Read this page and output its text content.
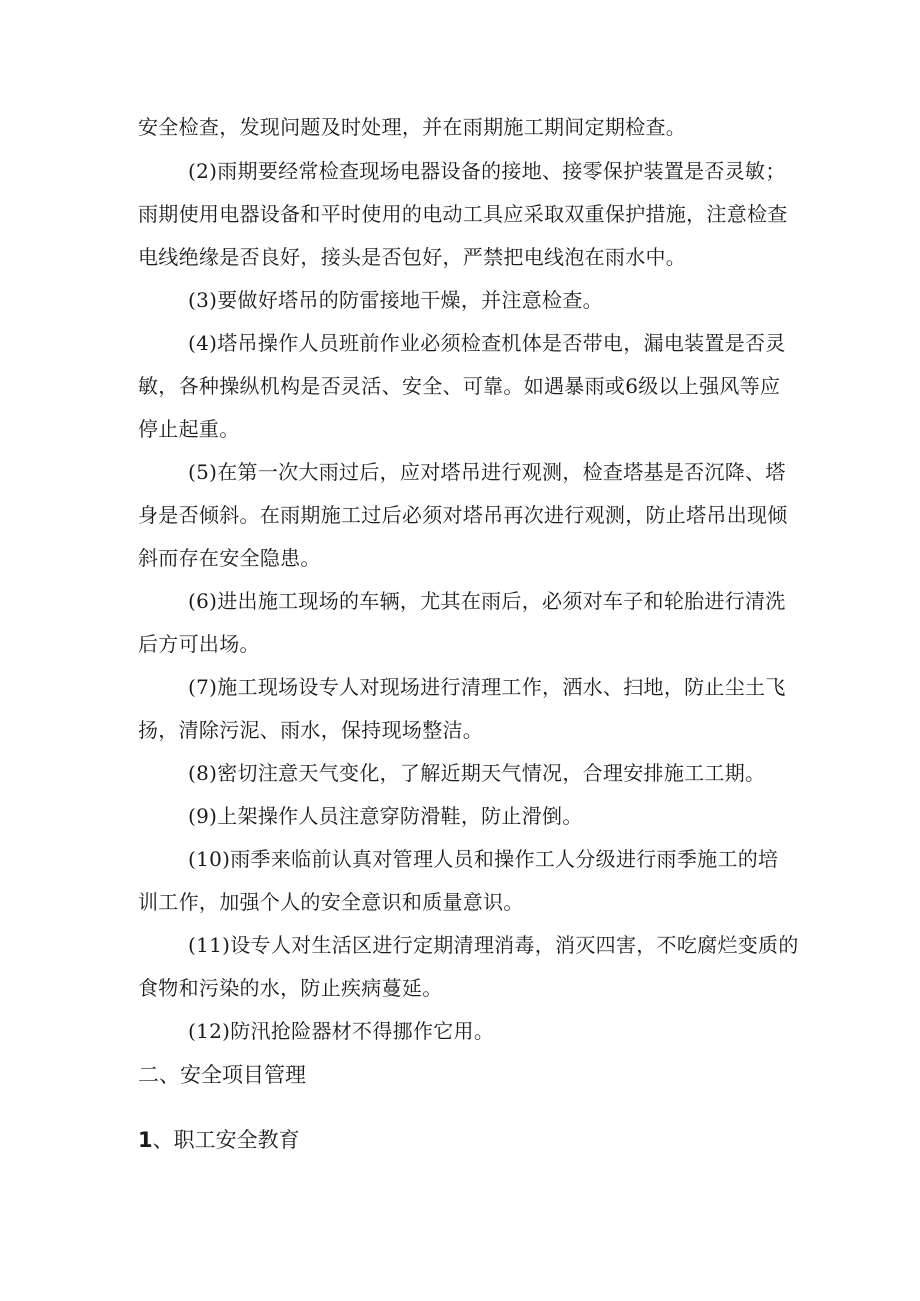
安全检查，发现问题及时处理，并在雨期施工期间定期检查。
(2)雨期要经常检查现场电器设备的接地、接零保护装置是否灵敏；
雨期使用电器设备和平时使用的电动工具应采取双重保护措施，注意检查
电线绝缘是否良好，接头是否包好，严禁把电线泡在雨水中。
(3)要做好塔吊的防雷接地干燥，并注意检查。
(4)塔吊操作人员班前作业必须检查机体是否带电，漏电装置是否灵
敏，各种操纵机构是否灵活、安全、可靠。如遇暴雨或6级以上强风等应
停止起重。
(5)在第一次大雨过后，应对塔吊进行观测，检查塔基是否沉降、塔
身是否倾斜。在雨期施工过后必须对塔吊再次进行观测，防止塔吊出现倾
斜而存在安全隐患。
(6)进出施工现场的车辆，尤其在雨后，必须对车子和轮胎进行清洗
后方可出场。
(7)施工现场设专人对现场进行清理工作，洒水、扫地，防止尘土飞
扬，清除污泥、雨水，保持现场整洁。
(8)密切注意天气变化，了解近期天气情况，合理安排施工工期。
(9)上架操作人员注意穿防滑鞋，防止滑倒。
(10)雨季来临前认真对管理人员和操作工人分级进行雨季施工的培
训工作，加强个人的安全意识和质量意识。
(11)设专人对生活区进行定期清理消毒，消灭四害，不吃腐烂变质的
食物和污染的水，防止疾病蔓延。
(12)防汛抢险器材不得挪作它用。
二、安全项目管理
1、职工安全教育
